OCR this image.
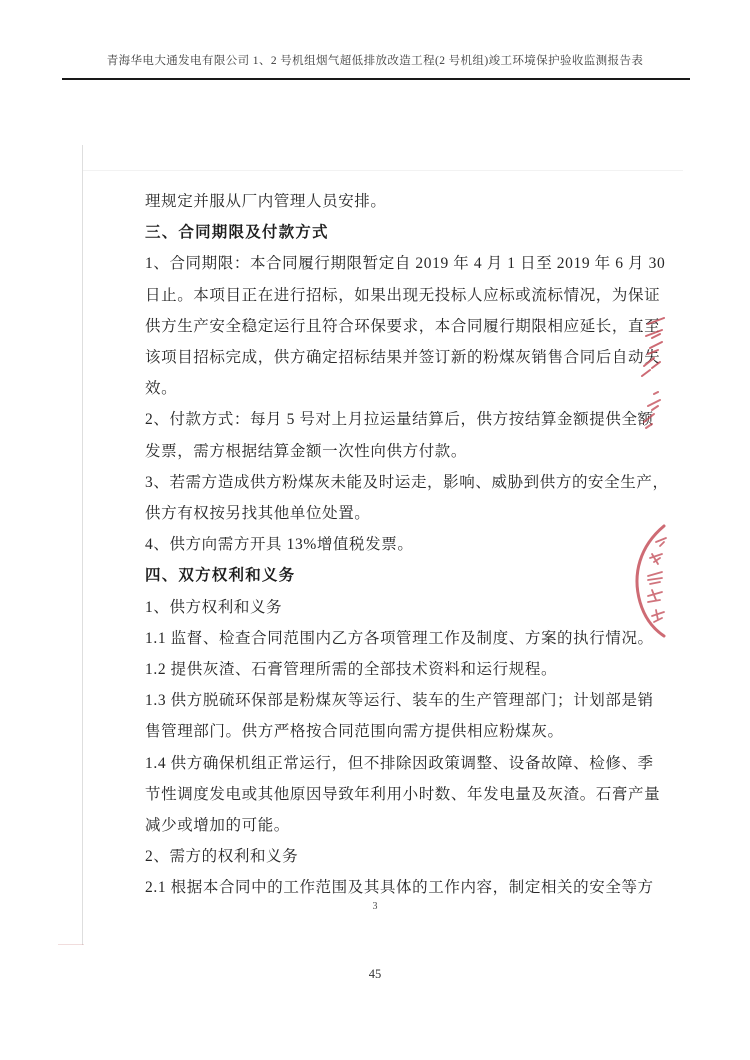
青海华电大通发电有限公司 1、2 号机组烟气超低排放改造工程(2 号机组)竣工环境保护验收监测报告表
理规定并服从厂内管理人员安排。
三、合同期限及付款方式
1、合同期限：本合同履行期限暂定自 2019 年 4 月 1 日至 2019 年 6 月 30
日止。本项目正在进行招标，如果出现无投标人应标或流标情况，为保证
供方生产安全稳定运行且符合环保要求，本合同履行期限相应延长，直至
该项目招标完成，供方确定招标结果并签订新的粉煤灰销售合同后自动失
效。
2、付款方式：每月 5 号对上月拉运量结算后，供方按结算金额提供全额
发票，需方根据结算金额一次性向供方付款。
3、若需方造成供方粉煤灰未能及时运走，影响、威胁到供方的安全生产，
供方有权按另找其他单位处置。
4、供方向需方开具 13%增值税发票。
四、双方权利和义务
1、供方权利和义务
1.1 监督、检查合同范围内乙方各项管理工作及制度、方案的执行情况。
1.2 提供灰渣、石膏管理所需的全部技术资料和运行规程。
1.3 供方脱硫环保部是粉煤灰等运行、装车的生产管理部门；计划部是销
售管理部门。供方严格按合同范围向需方提供相应粉煤灰。
1.4 供方确保机组正常运行，但不排除因政策调整、设备故障、检修、季
节性调度发电或其他原因导致年利用小时数、年发电量及灰渣。石膏产量
减少或增加的可能。
2、需方的权利和义务
2.1 根据本合同中的工作范围及其具体的工作内容，制定相关的安全等方
3
45
